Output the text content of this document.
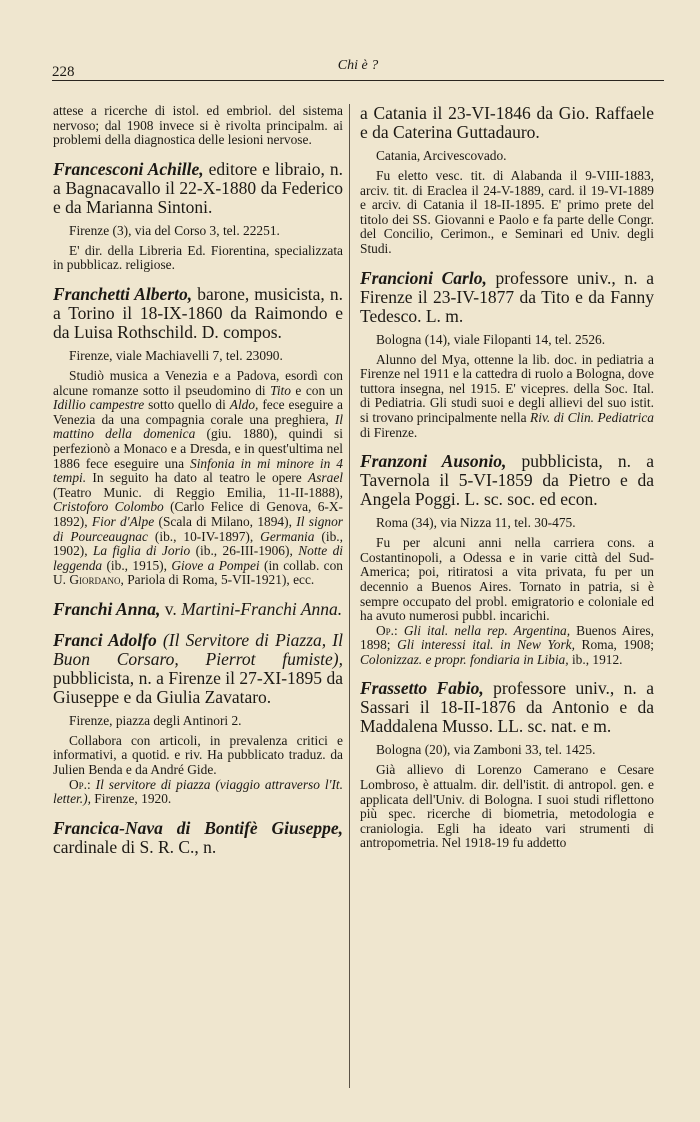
228	Chi è ?

attese a ricerche di istol. ed embriol. del sistema nervoso; dal 1908 invece si è rivolta principalm. ai problemi della diagnostica delle lesioni nervose.

Francesconi Achille, editore e libraio, n. a Bagnacavallo il 22-X-1880 da Federico e da Marianna Sintoni.

Firenze (3), via del Corso 3, tel. 22251.

E' dir. della Libreria Ed. Fiorentina, specializzata in pubblicaz. religiose.

Franchetti Alberto, barone, musicista, n. a Torino il 18-IX-1860 da Raimondo e da Luisa Rothschild. D. compos.

Firenze, viale Machiavelli 7, tel. 23090.

Studiò musica a Venezia e a Padova, esordì con alcune romanze sotto il pseudomino di Tito e con un Idillio campestre sotto quello di Aldo, fece eseguire a Venezia da una compagnia corale una preghiera, Il mattino della domenica (giu. 1880), quindi si perfezionò a Monaco e a Dresda, e in quest'ultima nel 1886 fece eseguire una Sinfonia in mi minore in 4 tempi. In seguito ha dato al teatro le opere Asrael (Teatro Munic. di Reggio Emilia, 11-II-1888), Cristoforo Colombo (Carlo Felice di Genova, 6-X-1892), Fior d'Alpe (Scala di Milano, 1894), Il signor di Pourceaugnac (ib., 10-IV-1897), Germania (ib., 1902), La figlia di Jorio (ib., 26-III-1906), Notte di leggenda (ib., 1915), Giove a Pompei (in collab. con U. Giordano, Pariola di Roma, 5-VII-1921), ecc.

Franchi Anna, v. Martini-Franchi Anna.

Franci Adolfo (Il Servitore di Piazza, Il Buon Corsaro, Pierrot fumiste), pubblicista, n. a Firenze il 27-XI-1895 da Giuseppe e da Giulia Zavataro.

Firenze, piazza degli Antinori 2.

Collabora con articoli, in prevalenza critici e informativi, a quotid. e riv. Ha pubblicato traduz. da Julien Benda e da André Gide.

Op.: Il servitore di piazza (viaggio attraverso l'It. letter.), Firenze, 1920.

Francica-Nava di Bontifè Giuseppe, cardinale di S. R. C., n.

a Catania il 23-VI-1846 da Gio. Raffaele e da Caterina Guttadauro.

Catania, Arcivescovado.

Fu eletto vesc. tit. di Alabanda il 9-VIII-1883, arciv. tit. di Eraclea il 24-V-1889, card. il 19-VI-1889 e arciv. di Catania il 18-II-1895. E' primo prete del titolo dei SS. Giovanni e Paolo e fa parte delle Congr. del Concilio, Cerimon., e Seminari ed Univ. degli Studi.

Francioni Carlo, professore univ., n. a Firenze il 23-IV-1877 da Tito e da Fanny Tedesco. L. m.

Bologna (14), viale Filopanti 14, tel. 2526.

Alunno del Mya, ottenne la lib. doc. in pediatria a Firenze nel 1911 e la cattedra di ruolo a Bologna, dove tuttora insegna, nel 1915. E' vicepres. della Soc. Ital. di Pediatria. Gli studi suoi e degli allievi del suo istit. si trovano principalmente nella Riv. di Clin. Pediatrica di Firenze.

Franzoni Ausonio, pubblicista, n. a Tavernola il 5-VI-1859 da Pietro e da Angela Poggi. L. sc. soc. ed econ.

Roma (34), via Nizza 11, tel. 30-475.

Fu per alcuni anni nella carriera cons. a Costantinopoli, a Odessa e in varie città del Sud-America; poi, ritiratosi a vita privata, fu per un decennio a Buenos Aires. Tornato in patria, si è sempre occupato del probl. emigratorio e coloniale ed ha avuto numerosi pubbl. incarichi.

Op.: Gli ital. nella rep. Argentina, Buenos Aires, 1898; Gli interessi ital. in New York, Roma, 1908; Colonizzaz. e propr. fondiaria in Libia, ib., 1912.

Frassetto Fabio, professore univ., n. a Sassari il 18-II-1876 da Antonio e da Maddalena Musso. LL. sc. nat. e m.

Bologna (20), via Zamboni 33, tel. 1425.

Già allievo di Lorenzo Camerano e Cesare Lombroso, è attualm. dir. dell'istit. di antropol. gen. e applicata dell'Univ. di Bologna. I suoi studi riflettono più spec. ricerche di biometria, metodologia e craniologia. Egli ha ideato vari strumenti di antropometria. Nel 1918-19 fu addetto
